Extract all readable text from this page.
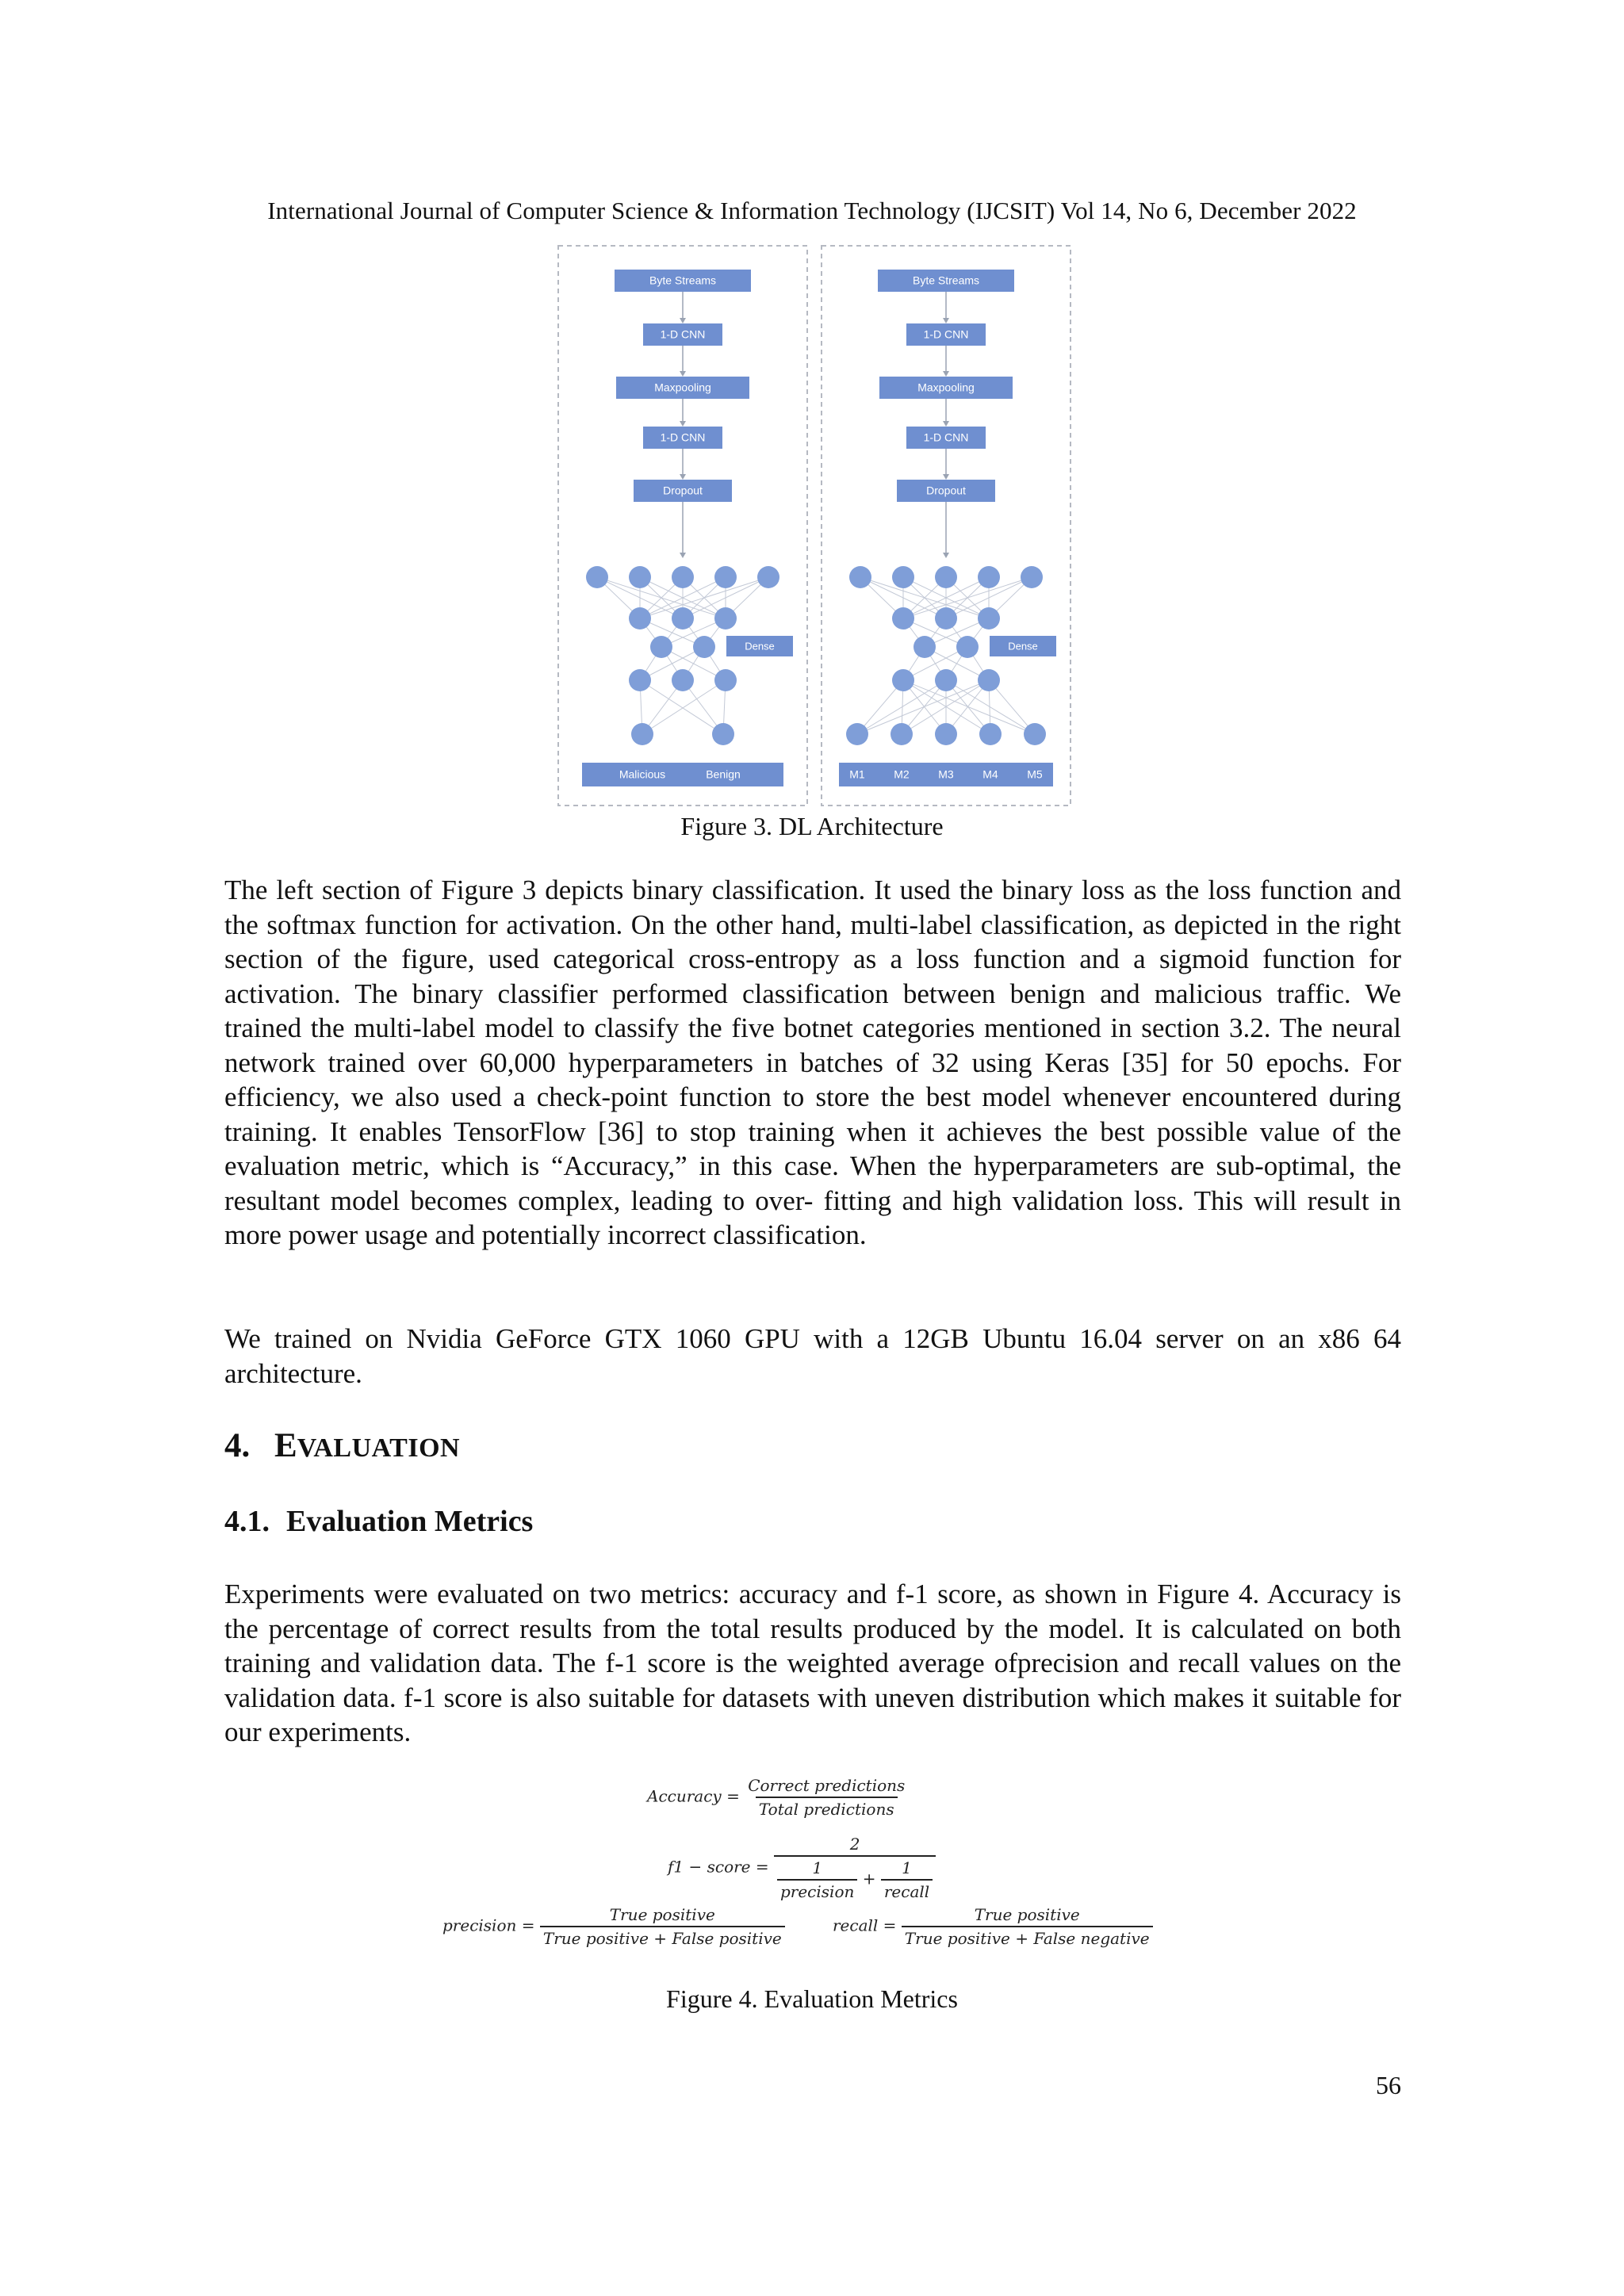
International Journal of Computer Science & Information Technology (IJCSIT) Vol 14, No 6, December 2022
Byte Streams
1-D CNN
Maxpooling
1-D CNN
Dropout
Dense
Malicious	Benign
Byte Streams
1-D CNN
Maxpooling
1-D CNN
Dropout
Dense
M1	M2	M3	M4	M5
Figure 3. DL Architecture

The left section of Figure 3 depicts binary classification. It used the binary loss as the loss function and the softmax function for activation. On the other hand, multi-label classification, as depicted in the right section of the figure, used categorical cross-entropy as a loss function and a sigmoid function for activation. The binary classifier performed classification between benign and malicious traffic. We trained the multi-label model to classify the five botnet categories mentioned in section 3.2. The neural network trained over 60,000 hyperparameters in batches of 32 using Keras [35] for 50 epochs. For efficiency, we also used a check-point function to store the best model whenever encountered during training. It enables TensorFlow [36] to stop training when it achieves the best possible value of the evaluation metric, which is “Accuracy,” in this case. When the hyperparameters are sub-optimal, the resultant model becomes complex, leading to over- fitting and high validation loss. This will result in more power usage and potentially incorrect classification.

We trained on Nvidia GeForce GTX 1060 GPU with a 12GB Ubuntu 16.04 server on an x86 64 architecture.

4. EVALUATION
4.1. Evaluation Metrics

Experiments were evaluated on two metrics: accuracy and f-1 score, as shown in Figure 4. Accuracy is the percentage of correct results from the total results produced by the model. It is calculated on both training and validation data. The f-1 score is the weighted average ofprecision and recall values on the validation data. f-1 score is also suitable for datasets with uneven distribution which makes it suitable for our experiments.

Accuracy = $\frac{\text{Correct predictions}}{\text{Total predictions}}$
f1 − score =
2
$\frac{1}{\text{precision}} + \frac{1}{\text{recall}}$
precision = $\frac{\text{True positive}}{\text{True positive + False positive}}$	recall = $\frac{\text{True positive}}{\text{True positive + False negative}}$
Figure 4. Evaluation Metrics
56
